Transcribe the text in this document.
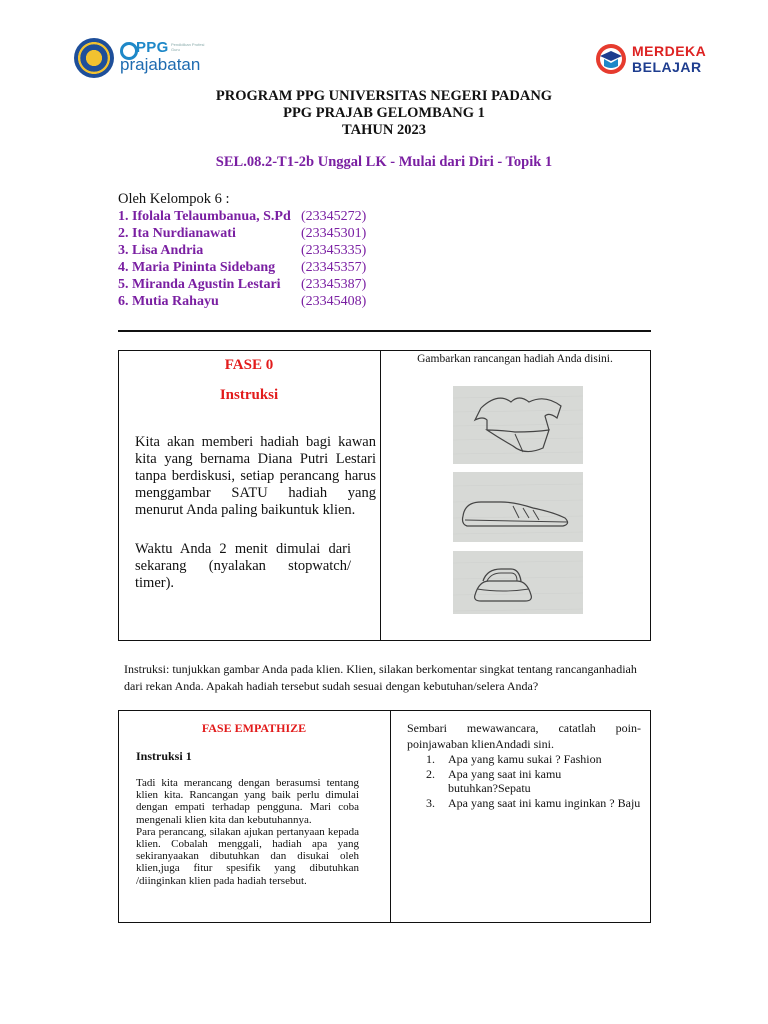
PPG Pendidikan Profesi Guru
prajabatan
MERDEKA
BELAJAR
PROGRAM PPG UNIVERSITAS NEGERI PADANG
PPG PRAJAB GELOMBANG 1
TAHUN 2023
SEL.08.2-T1-2b Unggal LK - Mulai dari Diri - Topik 1
Oleh Kelompok 6 :
1. Ifolala Telaumbanua, S.Pd (23345272)
2. Ita Nurdianawati	(23345301)
3. Lisa Andria	(23345335)
4. Maria Pininta Sidebang (23345357)
5. Miranda Agustin Lestari (23345387)
6. Mutia Rahayu	(23345408)
FASE 0
Instruksi
Kita akan memberi hadiah bagi kawan kita yang bernama Diana Putri Lestari tanpa berdiskusi, setiap perancang harus menggambar SATU hadiah yang menurut Anda paling baikuntuk klien.
Waktu Anda 2 menit dimulai dari sekarang (nyalakan stopwatch/ timer).
Gambarkan rancangan hadiah Anda disini.
Instruksi: tunjukkan gambar Anda pada klien. Klien, silakan berkomentar singkat tentang rancanganhadiah dari rekan Anda. Apakah hadiah tersebut sudah sesuai dengan kebutuhan/selera Anda?
FASE EMPATHIZE
Instruksi 1

Tadi kita merancang dengan berasumsi tentang klien kita. Rancangan yang baik perlu dimulai dengan empati terhadap pengguna. Mari coba mengenali klien kita dan kebutuhannya.

Para perancang, silakan ajukan pertanyaan kepada klien. Cobalah menggali, hadiah apa yang sekiranyaakan dibutuhkan dan disukai oleh klien,juga fitur spesifik yang dibutuhkan /diinginkan klien pada hadiah tersebut.

Sembari mewawancara, catatlah poin-poinjawaban klienAndadi sini.
1. Apa yang kamu sukai ? Fashion
2.	Apa yang saat ini kamu butuhkan?Sepatu
3. Apa yang saat ini kamu inginkan ? Baju
